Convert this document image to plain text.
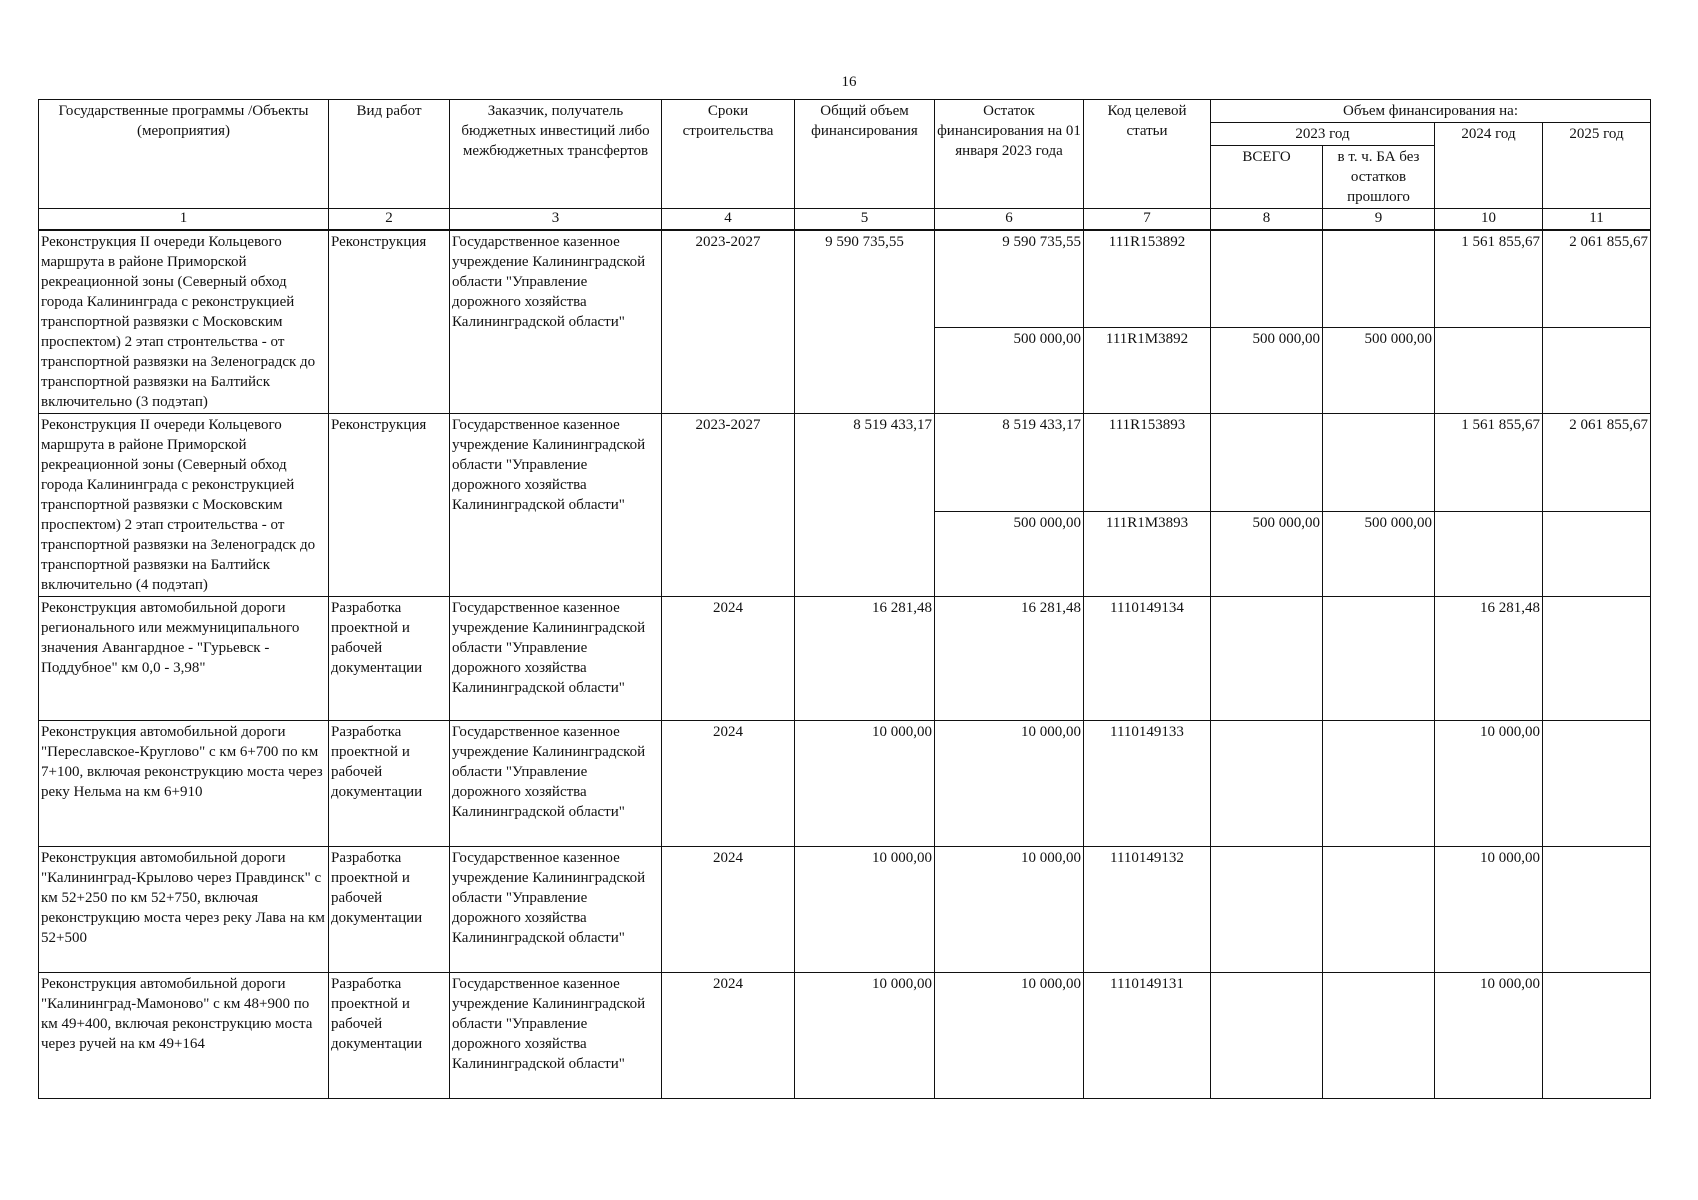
16
Государственные программы /Объекты (мероприятия)	Вид работ	Заказчик, получатель бюджетных инвестиций либо межбюджетных трансфертов	Сроки строительства	Общий объем финансирования	Остаток финансирования на 01 января 2023 года	Код целевой статьи	Объем финансирования на:			
							2023 год		2024 год	2025 год
							ВСЕГО	в т. ч. БА без остатков прошлого		
1	2	3	4	5	6	7	8	9	10	11
Реконструкция II очереди Кольцевого маршрута в районе Приморской рекреационной зоны (Северный обход города Калининграда с реконструкцией транспортной развязки с Московским проспектом) 2 этап стронтельства - от транспортной развязки на Зеленоградск до транспортной развязки на Балтийск включительно (3 подэтап)	Реконструкция	Государственное казенное учреждение Калининградской области "Управление дорожного хозяйства Калининградской области"	2023-2027	9 590 735,55	9 590 735,55	111R153892			1 561 855,67	2 061 855,67
					500 000,00	111R1M3892	500 000,00	500 000,00		
Реконструкция II очереди Кольцевого маршрута в районе Приморской рекреационной зоны (Северный обход города Калининграда с реконструкцией транспортной развязки с Московским проспектом) 2 этап строительства - от транспортной развязки на Зеленоградск до транспортной развязки на Балтийск включительно (4 подэтап)	Реконструкция	Государственное казенное учреждение Калининградской области "Управление дорожного хозяйства Калининградской области"	2023-2027	8 519 433,17	8 519 433,17	111R153893			1 561 855,67	2 061 855,67
					500 000,00	111R1M3893	500 000,00	500 000,00		
Реконструкция автомобильной дороги регионального или межмуниципального значения Авангардное - "Гурьевск - Поддубное" км 0,0 - 3,98"	Разработка проектной и рабочей документации	Государственное казенное учреждение Калининградской области "Управление дорожного хозяйства Калининградской области"	2024	16 281,48	16 281,48	1110149134			16 281,48	
Реконструкция автомобильной дороги "Переславское-Круглово" с км 6+700 по км 7+100, включая реконструкцию моста через реку Нельма на км 6+910	Разработка проектной и рабочей документации	Государственное казенное учреждение Калининградской области "Управление дорожного хозяйства Калининградской области"	2024	10 000,00	10 000,00	1110149133			10 000,00	
Реконструкция автомобильной дороги "Калининград-Крылово через Правдинск" с км 52+250 по км 52+750, включая реконструкцию моста через реку Лава на км 52+500	Разработка проектной и рабочей документации	Государственное казенное учреждение Калининградской области "Управление дорожного хозяйства Калининградской области"	2024	10 000,00	10 000,00	1110149132			10 000,00	
Реконструкция автомобильной дороги "Калининград-Мамоново" с км 48+900 по км 49+400, включая реконструкцию моста через ручей на км 49+164	Разработка проектной и рабочей документации	Государственное казенное учреждение Калининградской области "Управление дорожного хозяйства Калининградской области"	2024	10 000,00	10 000,00	1110149131			10 000,00	
